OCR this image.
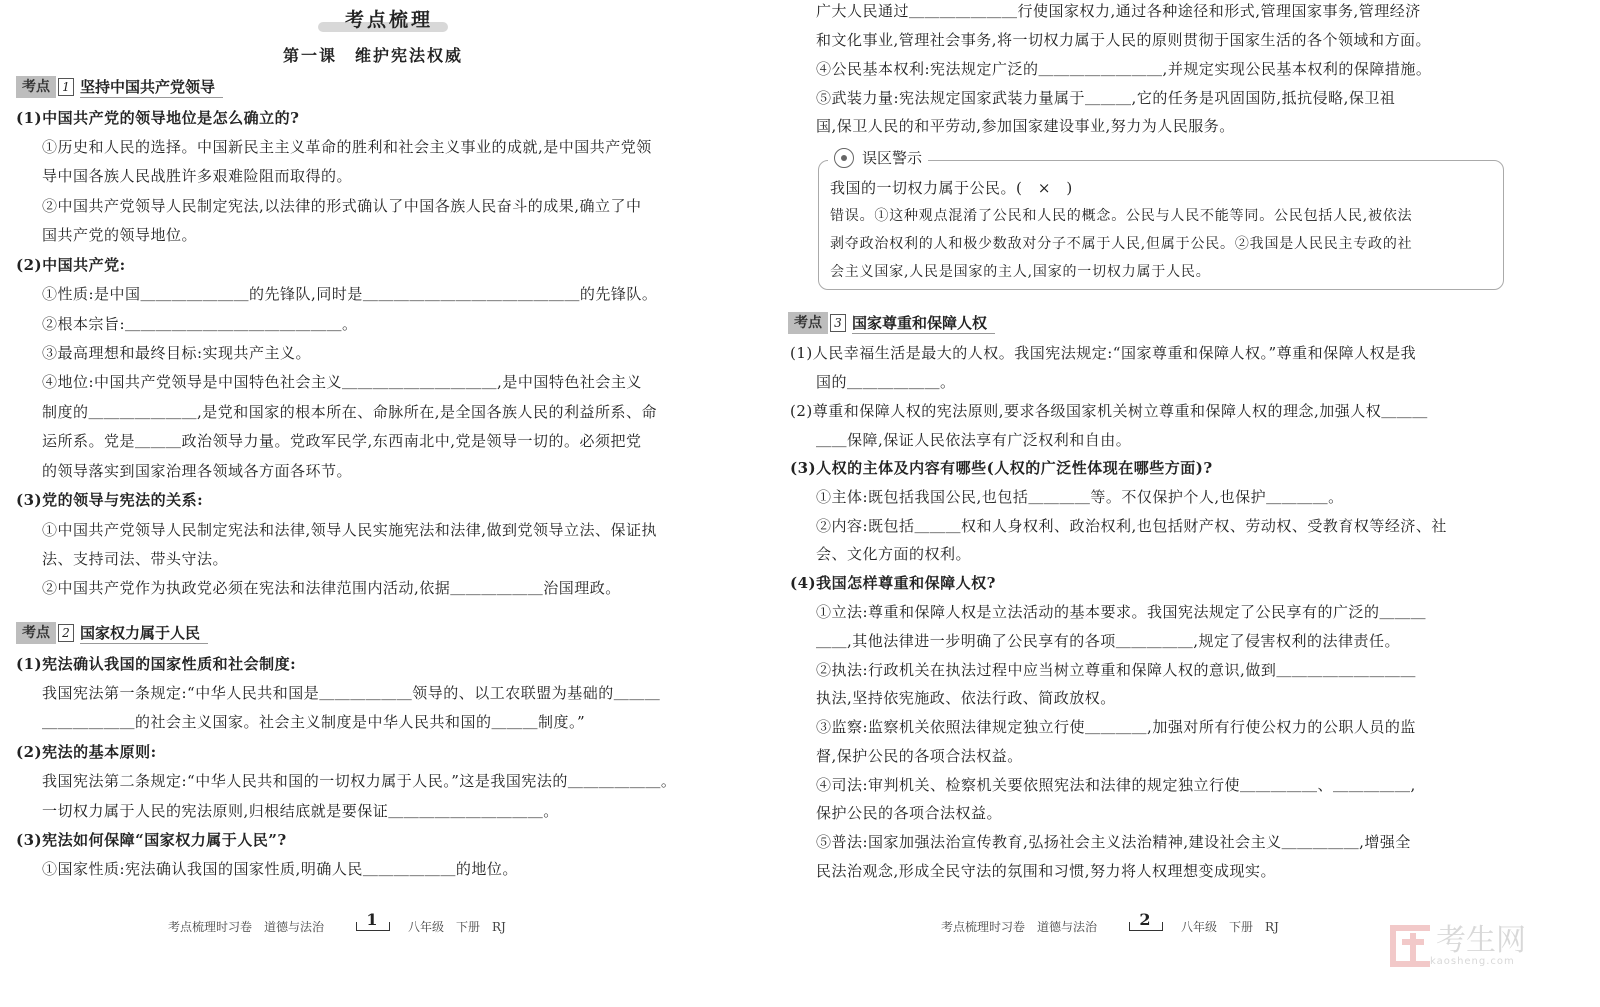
考点梳理
第一课　维护宪法权威
考点	1 坚持中国共产党领导
(1)中国共产党的领导地位是怎么确立的?
①历史和人民的选择。中国新民主主义革命的胜利和社会主义事业的成就,是中国共产党领
导中国各族人民战胜许多艰难险阻而取得的。
②中国共产党领导人民制定宪法,以法律的形式确认了中国各族人民奋斗的成果,确立了中
国共产党的领导地位。
(2)中国共产党:
①性质:是中国＿＿＿＿＿＿＿的先锋队,同时是＿＿＿＿＿＿＿＿＿＿＿＿＿＿的先锋队。
②根本宗旨:＿＿＿＿＿＿＿＿＿＿＿＿＿＿。
③最高理想和最终目标:实现共产主义。
④地位:中国共产党领导是中国特色社会主义＿＿＿＿＿＿＿＿＿＿,是中国特色社会主义
制度的＿＿＿＿＿＿＿,是党和国家的根本所在、命脉所在,是全国各族人民的利益所系、命
运所系。党是＿＿＿政治领导力量。党政军民学,东西南北中,党是领导一切的。必须把党
的领导落实到国家治理各领域各方面各环节。
(3)党的领导与宪法的关系:
①中国共产党领导人民制定宪法和法律,领导人民实施宪法和法律,做到党领导立法、保证执
法、支持司法、带头守法。
②中国共产党作为执政党必须在宪法和法律范围内活动,依据＿＿＿＿＿＿治国理政。
考点	2 国家权力属于人民
(1)宪法确认我国的国家性质和社会制度:
我国宪法第一条规定:“中华人民共和国是＿＿＿＿＿＿领导的、以工农联盟为基础的＿＿＿
＿＿＿＿＿＿的社会主义国家。社会主义制度是中华人民共和国的＿＿＿制度。”
(2)宪法的基本原则:
我国宪法第二条规定:“中华人民共和国的一切权力属于人民。”这是我国宪法的＿＿＿＿＿＿。
一切权力属于人民的宪法原则,归根结底就是要保证＿＿＿＿＿＿＿＿＿＿。
(3)宪法如何保障“国家权力属于人民”?
①国家性质:宪法确认我国的国家性质,明确人民＿＿＿＿＿＿的地位。
广大人民通过＿＿＿＿＿＿＿行使国家权力,通过各种途径和形式,管理国家事务,管理经济
和文化事业,管理社会事务,将一切权力属于人民的原则贯彻于国家生活的各个领域和方面。
④公民基本权利:宪法规定广泛的＿＿＿＿＿＿＿＿,并规定实现公民基本权利的保障措施。
⑤武装力量:宪法规定国家武装力量属于＿＿＿,它的任务是巩固国防,抵抗侵略,保卫祖
国,保卫人民的和平劳动,参加国家建设事业,努力为人民服务。
误区警示
我国的一切权力属于公民。(　×　)
错误。①这种观点混淆了公民和人民的概念。公民与人民不能等同。公民包括人民,被依法
剥夺政治权利的人和极少数敌对分子不属于人民,但属于公民。②我国是人民民主专政的社
会主义国家,人民是国家的主人,国家的一切权力属于人民。
考点	3 国家尊重和保障人权
(1)人民幸福生活是最大的人权。我国宪法规定:“国家尊重和保障人权。”尊重和保障人权是我
国的＿＿＿＿＿＿。
(2)尊重和保障人权的宪法原则,要求各级国家机关树立尊重和保障人权的理念,加强人权＿＿＿
＿＿保障,保证人民依法享有广泛权利和自由。
(3)人权的主体及内容有哪些(人权的广泛性体现在哪些方面)?
①主体:既包括我国公民,也包括＿＿＿＿等。不仅保护个人,也保护＿＿＿＿。
②内容:既包括＿＿＿权和人身权利、政治权利,也包括财产权、劳动权、受教育权等经济、社
会、文化方面的权利。
(4)我国怎样尊重和保障人权?
①立法:尊重和保障人权是立法活动的基本要求。我国宪法规定了公民享有的广泛的＿＿＿
＿＿,其他法律进一步明确了公民享有的各项＿＿＿＿＿,规定了侵害权利的法律责任。
②执法:行政机关在执法过程中应当树立尊重和保障人权的意识,做到＿＿＿＿＿＿＿＿＿
执法,坚持依宪施政、依法行政、简政放权。
③监察:监察机关依照法律规定独立行使＿＿＿＿,加强对所有行使公权力的公职人员的监
督,保护公民的各项合法权益。
④司法:审判机关、检察机关要依照宪法和法律的规定独立行使＿＿＿＿＿、＿＿＿＿＿,
保护公民的各项合法权益。
⑤普法:国家加强法治宣传教育,弘扬社会主义法治精神,建设社会主义＿＿＿＿＿,增强全
民法治观念,形成全民守法的氛围和习惯,努力将人权理想变成现实。
考点梳理时习卷　道德与法治	1	八年级　下册　RJ	考点梳理时习卷　道德与法治	2	八年级　下册　RJ	考生网
kaosheng.com
